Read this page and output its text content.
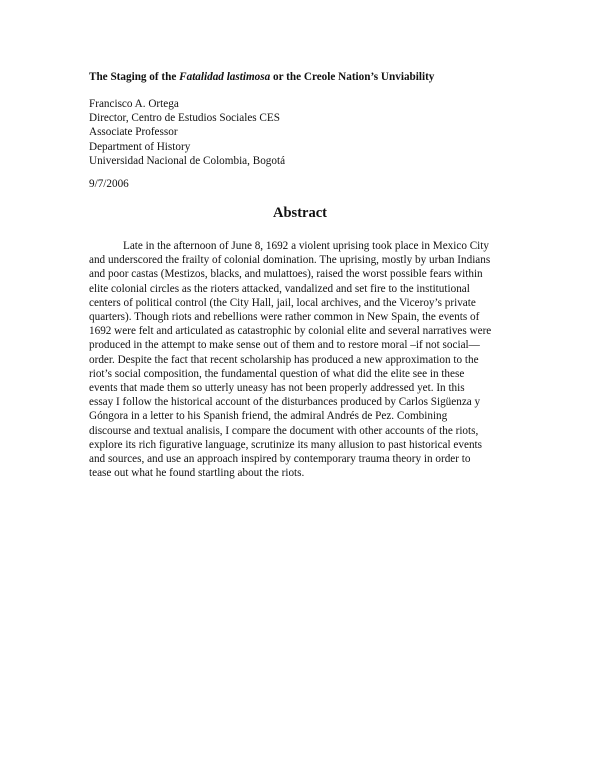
The Staging of the Fatalidad lastimosa or the Creole Nation’s Unviability
Francisco A. Ortega
Director, Centro de Estudios Sociales CES
Associate Professor
Department of History
Universidad Nacional de Colombia, Bogotá
9/7/2006
Abstract
Late in the afternoon of June 8, 1692 a violent uprising took place in Mexico City
and underscored the frailty of colonial domination. The uprising, mostly by urban Indians
and poor castas (Mestizos, blacks, and mulattoes), raised the worst possible fears within
elite colonial circles as the rioters attacked, vandalized and set fire to the institutional
centers of political control (the City Hall, jail, local archives, and the Viceroy’s private
quarters). Though riots and rebellions were rather common in New Spain, the events of
1692 were felt and articulated as catastrophic by colonial elite and several narratives were
produced in the attempt to make sense out of them and to restore moral –if not social—
order. Despite the fact that recent scholarship has produced a new approximation to the
riot’s social composition, the fundamental question of what did the elite see in these
events that made them so utterly uneasy has not been properly addressed yet. In this
essay I follow the historical account of the disturbances produced by Carlos Sigüenza y
Góngora in a letter to his Spanish friend, the admiral Andrés de Pez. Combining
discourse and textual analisis, I compare the document with other accounts of the riots,
explore its rich figurative language, scrutinize its many allusion to past historical events
and sources, and use an approach inspired by contemporary trauma theory in order to
tease out what he found startling about the riots.
